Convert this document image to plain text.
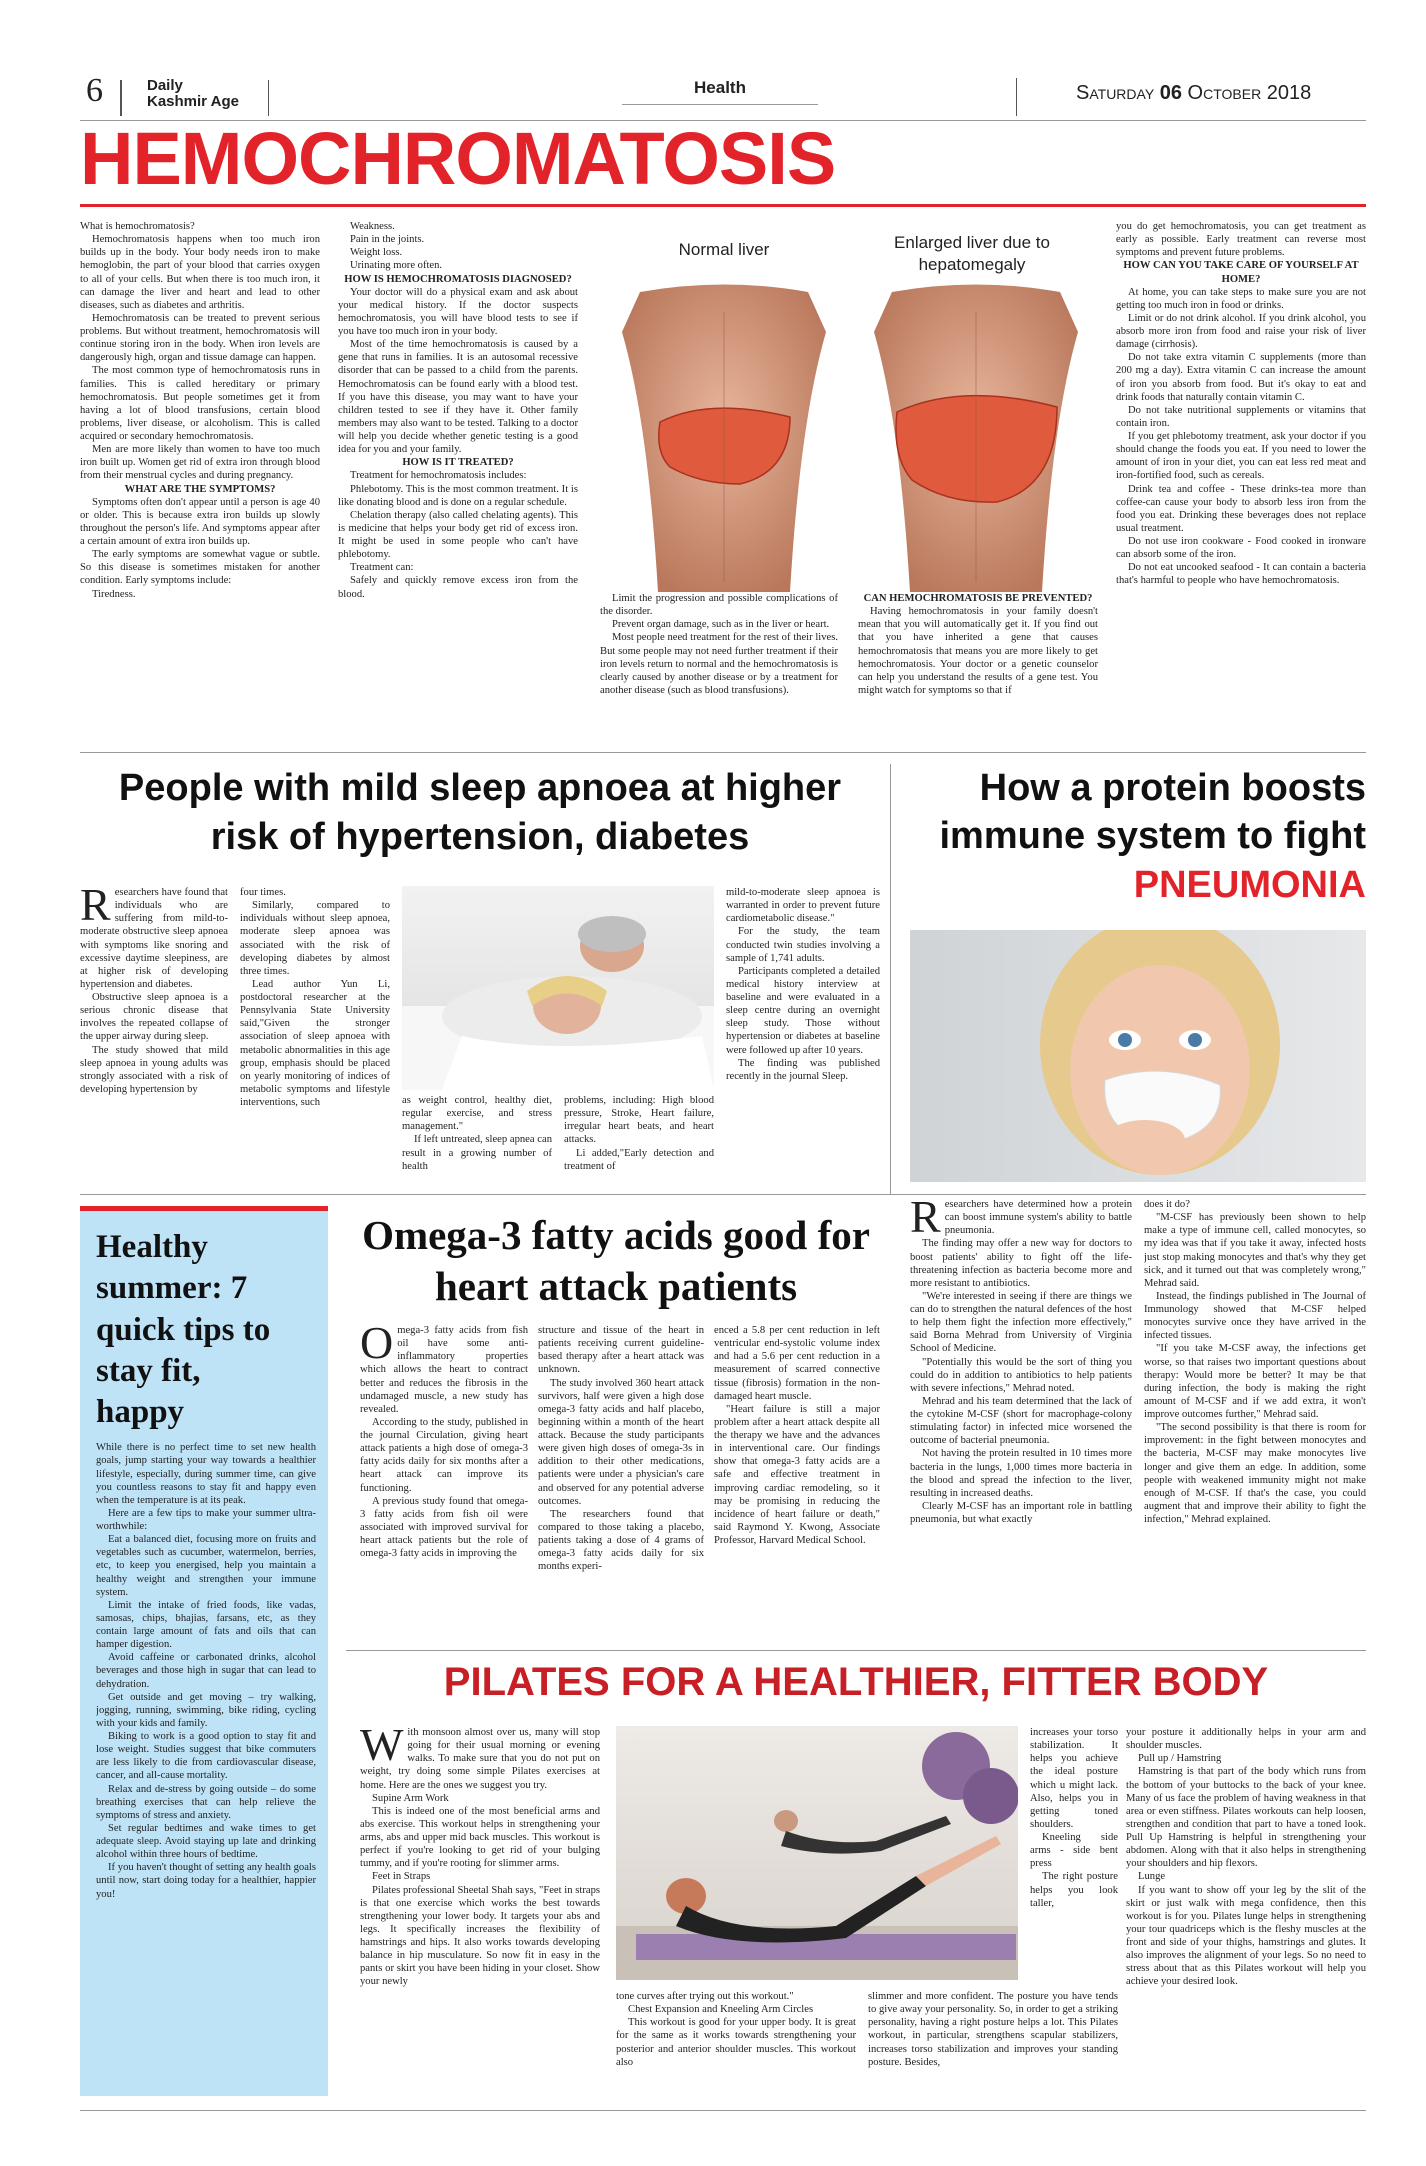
6	Daily
Kashmir Age
Health	Saturday 06 October 2018
HEMOCHROMATOSIS

What is hemochromatosis?

Hemochromatosis happens when too much iron builds up in the body. Your body needs iron to make hemoglobin, the part of your blood that carries oxygen to all of your cells. But when there is too much iron, it can damage the liver and heart and lead to other diseases, such as diabetes and arthritis.

Hemochromatosis can be treated to prevent serious problems. But without treatment, hemochromatosis will continue storing iron in the body. When iron levels are dangerously high, organ and tissue damage can happen.

The most common type of hemochromatosis runs in families. This is called hereditary or primary hemochromatosis. But people sometimes get it from having a lot of blood transfusions, certain blood problems, liver disease, or alcoholism. This is called acquired or secondary hemochromatosis.

Men are more likely than women to have too much iron built up. Women get rid of extra iron through blood from their menstrual cycles and during pregnancy.

WHAT ARE THE SYMPTOMS?

Symptoms often don't appear until a person is age 40 or older. This is because extra iron builds up slowly throughout the person's life. And symptoms appear after a certain amount of extra iron builds up.

The early symptoms are somewhat vague or subtle. So this disease is sometimes mistaken for another condition. Early symptoms include:

Tiredness.

Weakness.

Pain in the joints.

Weight loss.

Urinating more often.

HOW IS HEMOCHROMATOSIS DIAGNOSED?

Your doctor will do a physical exam and ask about your medical history. If the doctor suspects hemochromatosis, you will have blood tests to see if you have too much iron in your body.

Most of the time hemochromatosis is caused by a gene that runs in families. It is an autosomal recessive disorder that can be passed to a child from the parents. Hemochromatosis can be found early with a blood test. If you have this disease, you may want to have your children tested to see if they have it. Other family members may also want to be tested. Talking to a doctor will help you decide whether genetic testing is a good idea for you and your family.

HOW IS IT TREATED?

Treatment for hemochromatosis includes:

Phlebotomy. This is the most common treatment. It is like donating blood and is done on a regular schedule.

Chelation therapy (also called chelating agents). This is medicine that helps your body get rid of excess iron. It might be used in some people who can't have phlebotomy.

Treatment can:

Safely and quickly remove excess iron from the blood.

Normal liver	Enlarged liver due to hepatomegaly

Limit the progression and possible complications of the disorder.

Prevent organ damage, such as in the liver or heart.

Most people need treatment for the rest of their lives. But some people may not need further treatment if their iron levels return to normal and the hemochromatosis is clearly caused by another disease or by a treatment for another disease (such as blood transfusions).

CAN HEMOCHROMATOSIS BE PREVENTED?

Having hemochromatosis in your family doesn't mean that you will automatically get it. If you find out that you have inherited a gene that causes hemochromatosis that means you are more likely to get hemochromatosis. Your doctor or a genetic counselor can help you understand the results of a gene test. You might watch for symptoms so that if

you do get hemochromatosis, you can get treatment as early as possible. Early treatment can reverse most symptoms and prevent future problems.

HOW CAN YOU TAKE CARE OF YOURSELF AT HOME?

At home, you can take steps to make sure you are not getting too much iron in food or drinks.

Limit or do not drink alcohol. If you drink alcohol, you absorb more iron from food and raise your risk of liver damage (cirrhosis).

Do not take extra vitamin C supplements (more than 200 mg a day). Extra vitamin C can increase the amount of iron you absorb from food. But it's okay to eat and drink foods that naturally contain vitamin C.

Do not take nutritional supplements or vitamins that contain iron.

If you get phlebotomy treatment, ask your doctor if you should change the foods you eat. If you need to lower the amount of iron in your diet, you can eat less red meat and iron-fortified food, such as cereals.

Drink tea and coffee - These drinks-tea more than coffee-can cause your body to absorb less iron from the food you eat. Drinking these beverages does not replace usual treatment.

Do not use iron cookware - Food cooked in ironware can absorb some of the iron.

Do not eat uncooked seafood - It can contain a bacteria that's harmful to people who have hemochromatosis.

People with mild sleep apnoea at higher risk of hypertension, diabetes
R esearchers have found that individuals who are suffering from mild-to-moderate obstructive sleep apnoea with symptoms like snoring and excessive daytime sleepiness, are at higher risk of developing hypertension and diabetes.

Obstructive sleep apnoea is a serious chronic disease that involves the repeated collapse of the upper airway during sleep.

The study showed that mild sleep apnoea in young adults was strongly associated with a risk of developing hypertension by

four times.

Similarly, compared to individuals without sleep apnoea, moderate sleep apnoea was associated with the risk of developing diabetes by almost three times.

Lead author Yun Li, postdoctoral researcher at the Pennsylvania State University said,"Given the stronger association of sleep apnoea with metabolic abnormalities in this age group, emphasis should be placed on yearly monitoring of indices of metabolic symptoms and lifestyle interventions, such	as weight control, healthy diet, regular exercise, and stress management."

If left untreated, sleep apnea can result in a growing number of health

problems, including: High blood pressure, Stroke, Heart failure, irregular heart beats, and heart attacks.

Li added,"Early detection and treatment of

mild-to-moderate sleep apnoea is warranted in order to prevent future cardiometabolic disease."

For the study, the team conducted twin studies involving a sample of 1,741 adults.

Participants completed a detailed medical history interview at baseline and were evaluated in a sleep centre during an overnight sleep study. Those without hypertension or diabetes at baseline were followed up after 10 years.

The finding was published recently in the journal Sleep.

How a protein boosts immune system to fight PNEUMONIA
R esearchers have determined how a protein can boost immune system's ability to battle pneumonia.

The finding may offer a new way for doctors to boost patients' ability to fight off the life-threatening infection as bacteria become more and more resistant to antibiotics.

"We're interested in seeing if there are things we can do to strengthen the natural defences of the host to help them fight the infection more effectively," said Borna Mehrad from University of Virginia School of Medicine.

"Potentially this would be the sort of thing you could do in addition to antibiotics to help patients with severe infections," Mehrad noted.

Mehrad and his team determined that the lack of the cytokine M-CSF (short for macrophage-colony stimulating factor) in infected mice worsened the outcome of bacterial pneumonia.

Not having the protein resulted in 10 times more bacteria in the lungs, 1,000 times more bacteria in the blood and spread the infection to the liver, resulting in increased deaths.

Clearly M-CSF has an important role in battling pneumonia, but what exactly

does it do?

"M-CSF has previously been shown to help make a type of immune cell, called monocytes, so my idea was that if you take it away, infected hosts just stop making monocytes and that's why they get sick, and it turned out that was completely wrong," Mehrad said.

Instead, the findings published in The Journal of Immunology showed that M-CSF helped monocytes survive once they have arrived in the infected tissues.

"If you take M-CSF away, the infections get worse, so that raises two important questions about therapy: Would more be better? It may be that during infection, the body is making the right amount of M-CSF and if we add extra, it won't improve outcomes further," Mehrad said.

"The second possibility is that there is room for improvement: in the fight between monocytes and the bacteria, M-CSF may make monocytes live longer and give them an edge. In addition, some people with weakened immunity might not make enough of M-CSF. If that's the case, you could augment that and improve their ability to fight the infection," Mehrad explained.

Healthy summer: 7 quick tips to stay fit, happy

While there is no perfect time to set new health goals, jump starting your way towards a healthier lifestyle, especially, during summer time, can give you countless reasons to stay fit and happy even when the temperature is at its peak.

Here are a few tips to make your summer ultra-worthwhile:

Eat a balanced diet, focusing more on fruits and vegetables such as cucumber, watermelon, berries, etc, to keep you energised, help you maintain a healthy weight and strengthen your immune system.

Limit the intake of fried foods, like vadas, samosas, chips, bhajias, farsans, etc, as they contain large amount of fats and oils that can hamper digestion.

Avoid caffeine or carbonated drinks, alcohol beverages and those high in sugar that can lead to dehydration.

Get outside and get moving – try walking, jogging, running, swimming, bike riding, cycling with your kids and family.

Biking to work is a good option to stay fit and lose weight. Studies suggest that bike commuters are less likely to die from cardiovascular disease, cancer, and all-cause mortality.

Relax and de-stress by going outside – do some breathing exercises that can help relieve the symptoms of stress and anxiety.

Set regular bedtimes and wake times to get adequate sleep. Avoid staying up late and drinking alcohol within three hours of bedtime.

If you haven't thought of setting any health goals until now, start doing today for a healthier, happier you!

Omega-3 fatty acids good for heart attack patients
O mega-3 fatty acids from fish oil have some anti-inflammatory properties which allows the heart to contract better and reduces the fibrosis in the undamaged muscle, a new study has revealed.

According to the study, published in the journal Circulation, giving heart attack patients a high dose of omega-3 fatty acids daily for six months after a heart attack can improve its functioning.

A previous study found that omega-3 fatty acids from fish oil were associated with improved survival for heart attack patients but the role of omega-3 fatty acids in improving the

structure and tissue of the heart in patients receiving current guideline-based therapy after a heart attack was unknown.

The study involved 360 heart attack survivors, half were given a high dose omega-3 fatty acids and half placebo, beginning within a month of the heart attack. Because the study participants were given high doses of omega-3s in addition to their other medications, patients were under a physician's care and observed for any potential adverse outcomes.

The researchers found that compared to those taking a placebo, patients taking a dose of 4 grams of omega-3 fatty acids daily for six months experi-

enced a 5.8 per cent reduction in left ventricular end-systolic volume index and had a 5.6 per cent reduction in a measurement of scarred connective tissue (fibrosis) formation in the non-damaged heart muscle.

"Heart failure is still a major problem after a heart attack despite all the therapy we have and the advances in interventional care. Our findings show that omega-3 fatty acids are a safe and effective treatment in improving cardiac remodeling, so it may be promising in reducing the incidence of heart failure or death," said Raymond Y. Kwong, Associate Professor, Harvard Medical School.

PILATES FOR A HEALTHIER, FITTER BODY
W ith monsoon almost over us, many will stop going for their usual morning or evening walks. To make sure that you do not put on weight, try doing some simple Pilates exercises at home. Here are the ones we suggest you try.

Supine Arm Work

This is indeed one of the most beneficial arms and abs exercise. This workout helps in strengthening your arms, abs and upper mid back muscles. This workout is perfect if you're looking to get rid of your bulging tummy, and if you're rooting for slimmer arms.

Feet in Straps

Pilates professional Sheetal Shah says, "Feet in straps is that one exercise which works the best towards strengthening your lower body. It targets your abs and legs. It specifically increases the flexibility of hamstrings and hips. It also works towards developing balance in hip musculature. So now fit in easy in the pants or skirt you have been hiding in your closet. Show your newly

tone curves after trying out this workout."

Chest Expansion and Kneeling Arm Circles

This workout is good for your upper body. It is great for the same as it works towards strengthening your posterior and anterior shoulder muscles. This workout also

slimmer and more confident. The posture you have tends to give away your personality. So, in order to get a striking personality, having a right posture helps a lot. This Pilates workout, in particular, strengthens scapular stabilizers, increases torso stabilization and improves your standing posture. Besides,

increases your torso stabilization. It helps you achieve the ideal posture which u might lack. Also, helps you in getting toned shoulders.

Kneeling side arms - side bent press

The right posture helps you look taller,

your posture it additionally helps in your arm and shoulder muscles.

Pull up / Hamstring

Hamstring is that part of the body which runs from the bottom of your buttocks to the back of your knee. Many of us face the problem of having weakness in that area or even stiffness. Pilates workouts can help loosen, strengthen and condition that part to have a toned look. Pull Up Hamstring is helpful in strengthening your abdomen. Along with that it also helps in strengthening your shoulders and hip flexors.

Lunge

If you want to show off your leg by the slit of the skirt or just walk with mega confidence, then this workout is for you. Pilates lunge helps in strengthening your tour quadriceps which is the fleshy muscles at the front and side of your thighs, hamstrings and glutes. It also improves the alignment of your legs. So no need to stress about that as this Pilates workout will help you achieve your desired look.
